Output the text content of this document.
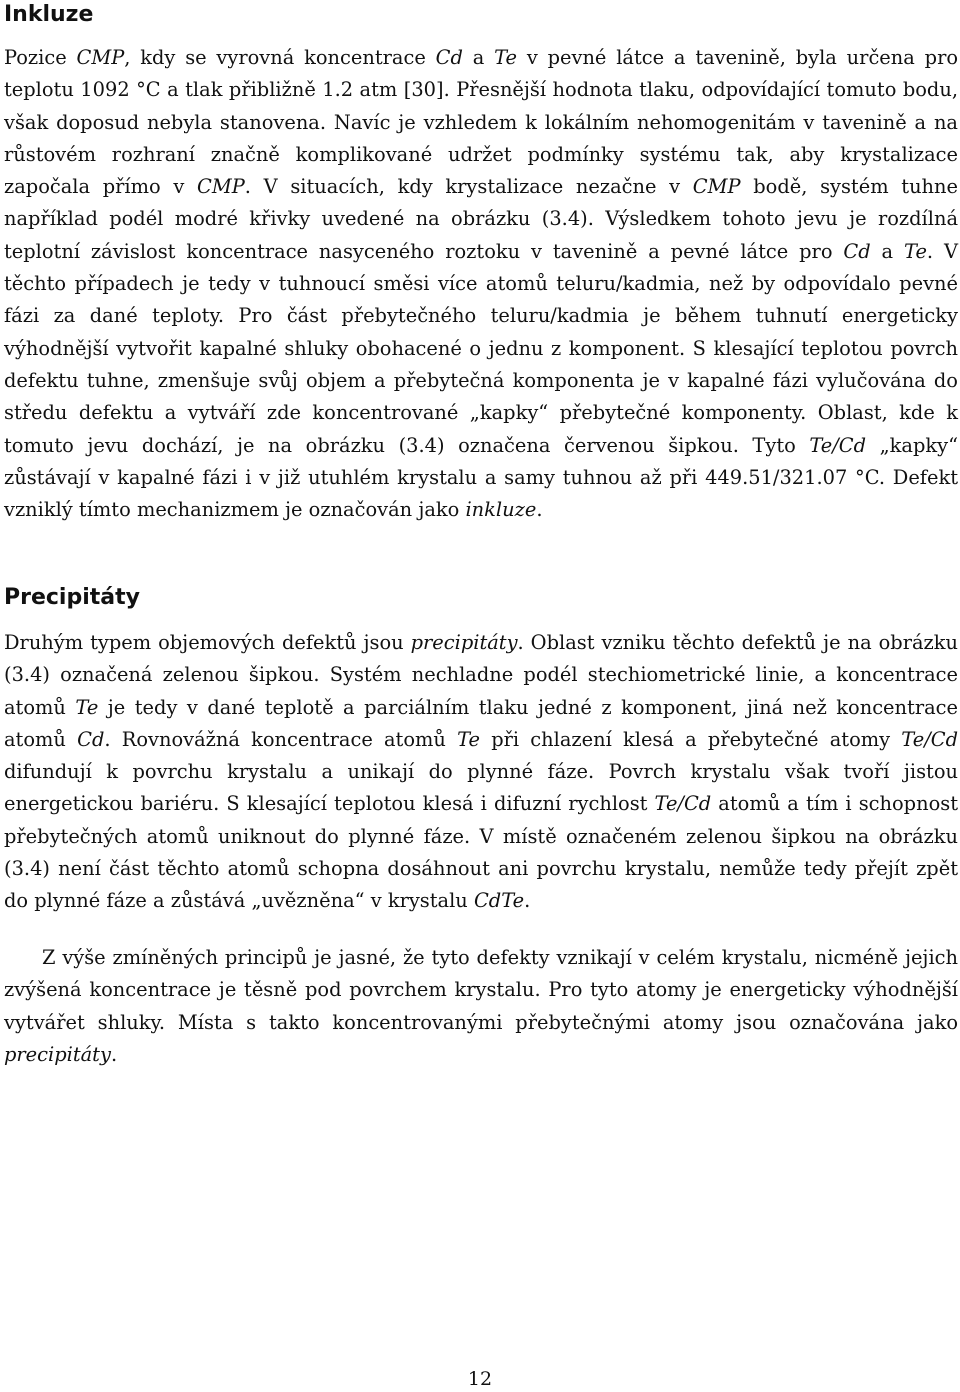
Inkluze

Pozice CMP, kdy se vyrovná koncentrace Cd a Te v pevné látce a tavenině, byla určena pro teplotu 1092 °C a tlak přibližně 1.2 atm [30]. Přesnější hodnota tlaku, odpovídající tomuto bodu, však doposud nebyla stanovena. Navíc je vzhledem k lokálním nehomogenitám v tavenině a na růstovém rozhraní značně komplikované udržet podmínky systému tak, aby krystalizace započala přímo v CMP. V situacích, kdy krystalizace nezačne v CMP bodě, systém tuhne například podél modré křivky uvedené na obrázku (3.4). Výsledkem tohoto jevu je rozdílná teplotní závislost koncentrace nasyceného roztoku v tavenině a pevné látce pro Cd a Te. V těchto případech je tedy v tuhnoucí směsi více atomů teluru/kadmia, než by odpovídalo pevné fázi za dané teploty. Pro část přebytečného teluru/kadmia je během tuhnutí energeticky výhodnější vytvořit kapalné shluky obohacené o jednu z komponent. S klesající teplotou povrch defektu tuhne, zmenšuje svůj objem a přebytečná komponenta je v kapalné fázi vylučována do středu defektu a vytváří zde koncentrované „kapky“ přebytečné komponenty. Oblast, kde k tomuto jevu dochází, je na obrázku (3.4) označena červenou šipkou. Tyto Te/Cd „kapky“ zůstávají v kapalné fázi i v již utuhlém krystalu a samy tuhnou až při 449.51/321.07 °C. Defekt vzniklý tímto mechanizmem je označován jako inkluze.

Precipitáty

Druhým typem objemových defektů jsou precipitáty. Oblast vzniku těchto defektů je na obrázku (3.4) označená zelenou šipkou. Systém nechladne podél stechiometrické linie, a koncentrace atomů Te je tedy v dané teplotě a parciálním tlaku jedné z komponent, jiná než koncentrace atomů Cd. Rovnovážná koncentrace atomů Te při chlazení klesá a přebytečné atomy Te/Cd difundují k povrchu krystalu a unikají do plynné fáze. Povrch krystalu však tvoří jistou energetickou bariéru. S klesající teplotou klesá i difuzní rychlost Te/Cd atomů a tím i schopnost přebytečných atomů uniknout do plynné fáze. V místě označeném zelenou šipkou na obrázku (3.4) není část těchto atomů schopna dosáhnout ani povrchu krystalu, nemůže tedy přejít zpět do plynné fáze a zůstává „uvězněna“ v krystalu CdTe.

Z výše zmíněných principů je jasné, že tyto defekty vznikají v celém krystalu, nicméně jejich zvýšená koncentrace je těsně pod povrchem krystalu. Pro tyto atomy je energeticky výhodnější vytvářet shluky. Místa s takto koncentrovanými přebytečnými atomy jsou označována jako precipitáty.

12
